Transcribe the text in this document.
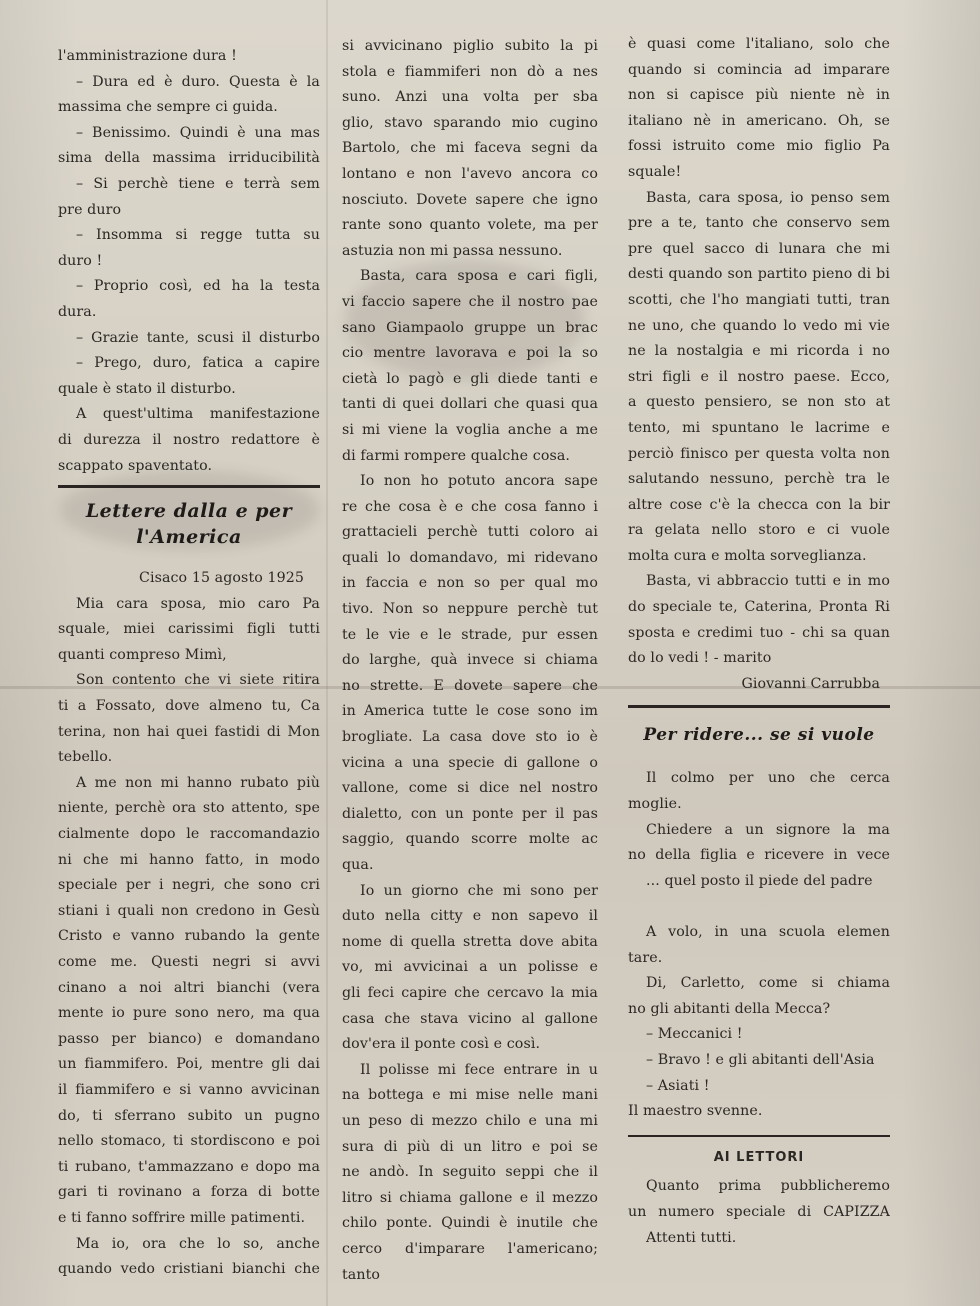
l'amministrazione dura !

– Dura ed è duro. Questa è la

massima che sempre ci guida.

– Benissimo. Quindi è una mas

sima della massima irriducibilità

– Si perchè tiene e terrà sem

pre duro

– Insomma si regge tutta su

duro !

– Proprio così, ed ha la testa

dura.

– Grazie tante, scusi il disturbo

– Prego, duro, fatica a capire

quale è stato il disturbo.

A quest'ultima manifestazione

di durezza il nostro redattore è

scappato spaventato.

Lettere dalla e per l'America

Cisaco 15 agosto 1925

Mia cara sposa, mio caro Pa

squale, miei carissimi figli tutti

quanti compreso Mimì,

Son contento che vi siete ritira

ti a Fossato, dove almeno tu, Ca

terina, non hai quei fastidi di Mon

tebello.

A me non mi hanno rubato più

niente, perchè ora sto attento, spe

cialmente dopo le raccomandazio

ni che mi hanno fatto, in modo

speciale per i negri, che sono cri

stiani i quali non credono in Gesù

Cristo e vanno rubando la gente

come me. Questi negri si avvi

cinano a noi altri bianchi (vera

mente io pure sono nero, ma qua

passo per bianco) e domandano

un fiammifero. Poi, mentre gli dai

il fiammifero e si vanno avvicinan

do, ti sferrano subito un pugno

nello stomaco, ti stordiscono e poi

ti rubano, t'ammazzano e dopo ma

gari ti rovinano a forza di botte

e ti fanno soffrire mille patimenti.

Ma io, ora che lo so, anche

quando vedo cristiani bianchi che

si avvicinano piglio subito la pi

stola e fiammiferi non dò a nes

suno. Anzi una volta per sba

glio, stavo sparando mio cugino

Bartolo, che mi faceva segni da

lontano e non l'avevo ancora co

nosciuto. Dovete sapere che igno

rante sono quanto volete, ma per

astuzia non mi passa nessuno.

Basta, cara sposa e cari figli,

vi faccio sapere che il nostro pae

sano Giampaolo gruppe un brac

cio mentre lavorava e poi la so

cietà lo pagò e gli diede tanti e

tanti di quei dollari che quasi qua

si mi viene la voglia anche a me

di farmi rompere qualche cosa.

Io non ho potuto ancora sape

re che cosa è e che cosa fanno i

grattacieli perchè tutti coloro ai

quali lo domandavo, mi ridevano

in faccia e non so per qual mo

tivo. Non so neppure perchè tut

te le vie e le strade, pur essen

do larghe, quà invece si chiama

no strette. E dovete sapere che

in America tutte le cose sono im

brogliate. La casa dove sto io è

vicina a una specie di gallone o

vallone, come si dice nel nostro

dialetto, con un ponte per il pas

saggio, quando scorre molte ac

qua.

Io un giorno che mi sono per

duto nella citty e non sapevo il

nome di quella stretta dove abita

vo, mi avvicinai a un polisse e

gli feci capire che cercavo la mia

casa che stava vicino al gallone

dov'era il ponte così e così.

Il polisse mi fece entrare in u

na bottega e mi mise nelle mani

un peso di mezzo chilo e una mi

sura di più di un litro e poi se

ne andò. In seguito seppi che il

litro si chiama gallone e il mezzo

chilo ponte. Quindi è inutile che

cerco d'imparare l'americano; tanto

è quasi come l'italiano, solo che

quando si comincia ad imparare

non si capisce più niente nè in

italiano nè in americano. Oh, se

fossi istruito come mio figlio Pa

squale!

Basta, cara sposa, io penso sem

pre a te, tanto che conservo sem

pre quel sacco di lunara che mi

desti quando son partito pieno di bi

scotti, che l'ho mangiati tutti, tran

ne uno, che quando lo vedo mi vie

ne la nostalgia e mi ricorda i no

stri figli e il nostro paese. Ecco,

a questo pensiero, se non sto at

tento, mi spuntano le lacrime e

perciò finisco per questa volta non

salutando nessuno, perchè tra le

altre cose c'è la checca con la bir

ra gelata nello storo e ci vuole

molta cura e molta sorveglianza.

Basta, vi abbraccio tutti e in mo

do speciale te, Caterina, Pronta Ri

sposta e credimi tuo - chi sa quan

do lo vedi ! - marito

Giovanni Carrubba

Per ridere... se si vuole

Il colmo per uno che cerca

moglie.

Chiedere a un signore la ma

no della figlia e ricevere in vece

... quel posto il piede del padre

A volo, in una scuola elemen

tare.

Di, Carletto, come si chiama

no gli abitanti della Mecca?

– Meccanici !

– Bravo ! e gli abitanti dell'Asia

– Asiati !

Il maestro svenne.

AI LETTORI

Quanto prima pubblicheremo

un numero speciale di CAPIZZA

Attenti tutti.
